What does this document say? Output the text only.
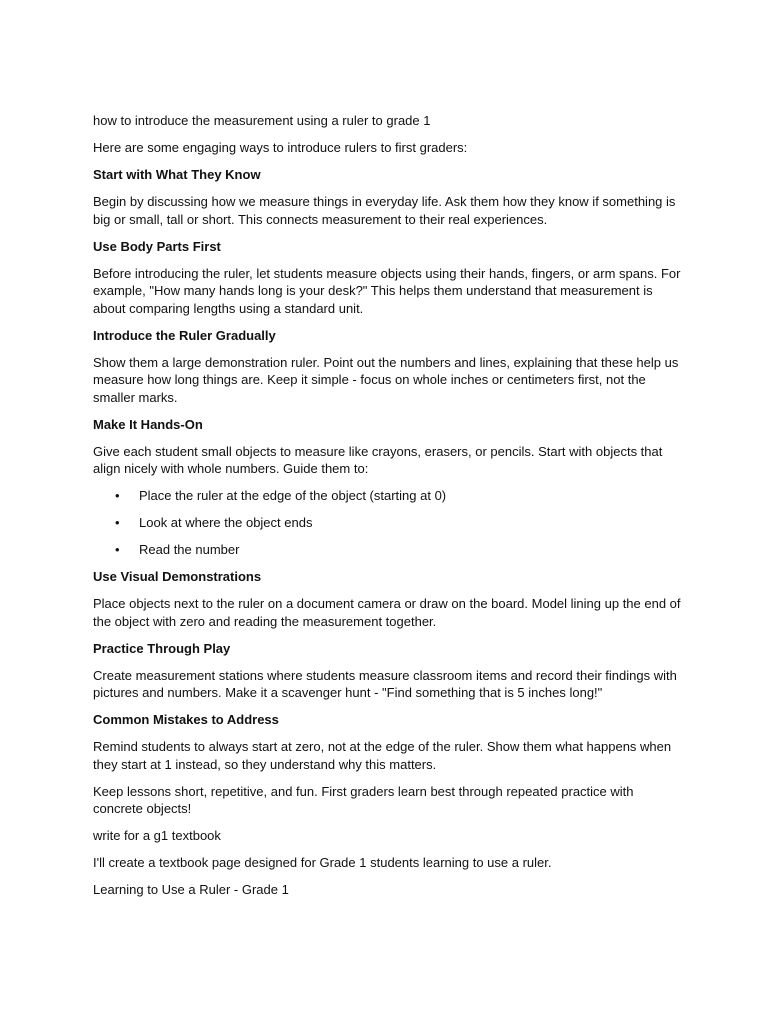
how to introduce the measurement using a ruler to grade 1

Here are some engaging ways to introduce rulers to first graders:

Start with What They Know

Begin by discussing how we measure things in everyday life. Ask them how they know if something is big or small, tall or short. This connects measurement to their real experiences.

Use Body Parts First

Before introducing the ruler, let students measure objects using their hands, fingers, or arm spans. For example, "How many hands long is your desk?" This helps them understand that measurement is about comparing lengths using a standard unit.

Introduce the Ruler Gradually

Show them a large demonstration ruler. Point out the numbers and lines, explaining that these help us measure how long things are. Keep it simple - focus on whole inches or centimeters first, not the smaller marks.

Make It Hands-On

Give each student small objects to measure like crayons, erasers, or pencils. Start with objects that align nicely with whole numbers. Guide them to:

• Place the ruler at the edge of the object (starting at 0)
• Look at where the object ends
• Read the number

Use Visual Demonstrations

Place objects next to the ruler on a document camera or draw on the board. Model lining up the end of the object with zero and reading the measurement together.

Practice Through Play

Create measurement stations where students measure classroom items and record their findings with pictures and numbers. Make it a scavenger hunt - "Find something that is 5 inches long!"

Common Mistakes to Address

Remind students to always start at zero, not at the edge of the ruler. Show them what happens when they start at 1 instead, so they understand why this matters.

Keep lessons short, repetitive, and fun. First graders learn best through repeated practice with concrete objects!

write for a g1 textbook

I'll create a textbook page designed for Grade 1 students learning to use a ruler.

Learning to Use a Ruler - Grade 1
